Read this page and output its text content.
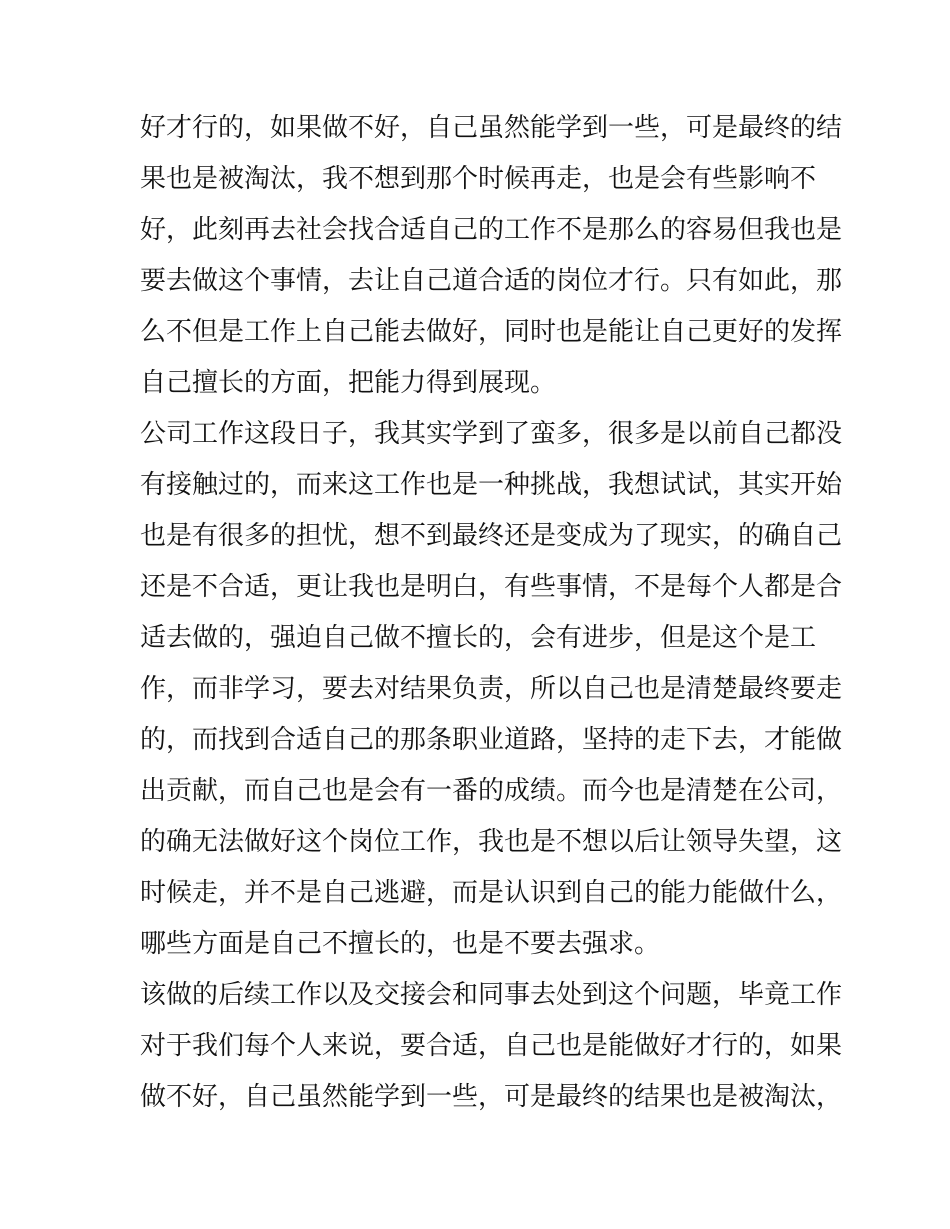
好才行的，如果做不好，自己虽然能学到一些，可是最终的结
果也是被淘汰，我不想到那个时候再走，也是会有些影响不
好，此刻再去社会找合适自己的工作不是那么的容易但我也是
要去做这个事情，去让自己道合适的岗位才行。只有如此，那
么不但是工作上自己能去做好，同时也是能让自己更好的发挥
自己擅长的方面，把能力得到展现。
公司工作这段日子，我其实学到了蛮多，很多是以前自己都没
有接触过的，而来这工作也是一种挑战，我想试试，其实开始
也是有很多的担忧，想不到最终还是变成为了现实，的确自己
还是不合适，更让我也是明白，有些事情，不是每个人都是合
适去做的，强迫自己做不擅长的，会有进步，但是这个是工
作，而非学习，要去对结果负责，所以自己也是清楚最终要走
的，而找到合适自己的那条职业道路，坚持的走下去，才能做
出贡献，而自己也是会有一番的成绩。而今也是清楚在公司，
的确无法做好这个岗位工作，我也是不想以后让领导失望，这
时候走，并不是自己逃避，而是认识到自己的能力能做什么，
哪些方面是自己不擅长的，也是不要去强求。
该做的后续工作以及交接会和同事去处到这个问题，毕竟工作
对于我们每个人来说，要合适，自己也是能做好才行的，如果
做不好，自己虽然能学到一些，可是最终的结果也是被淘汰，
